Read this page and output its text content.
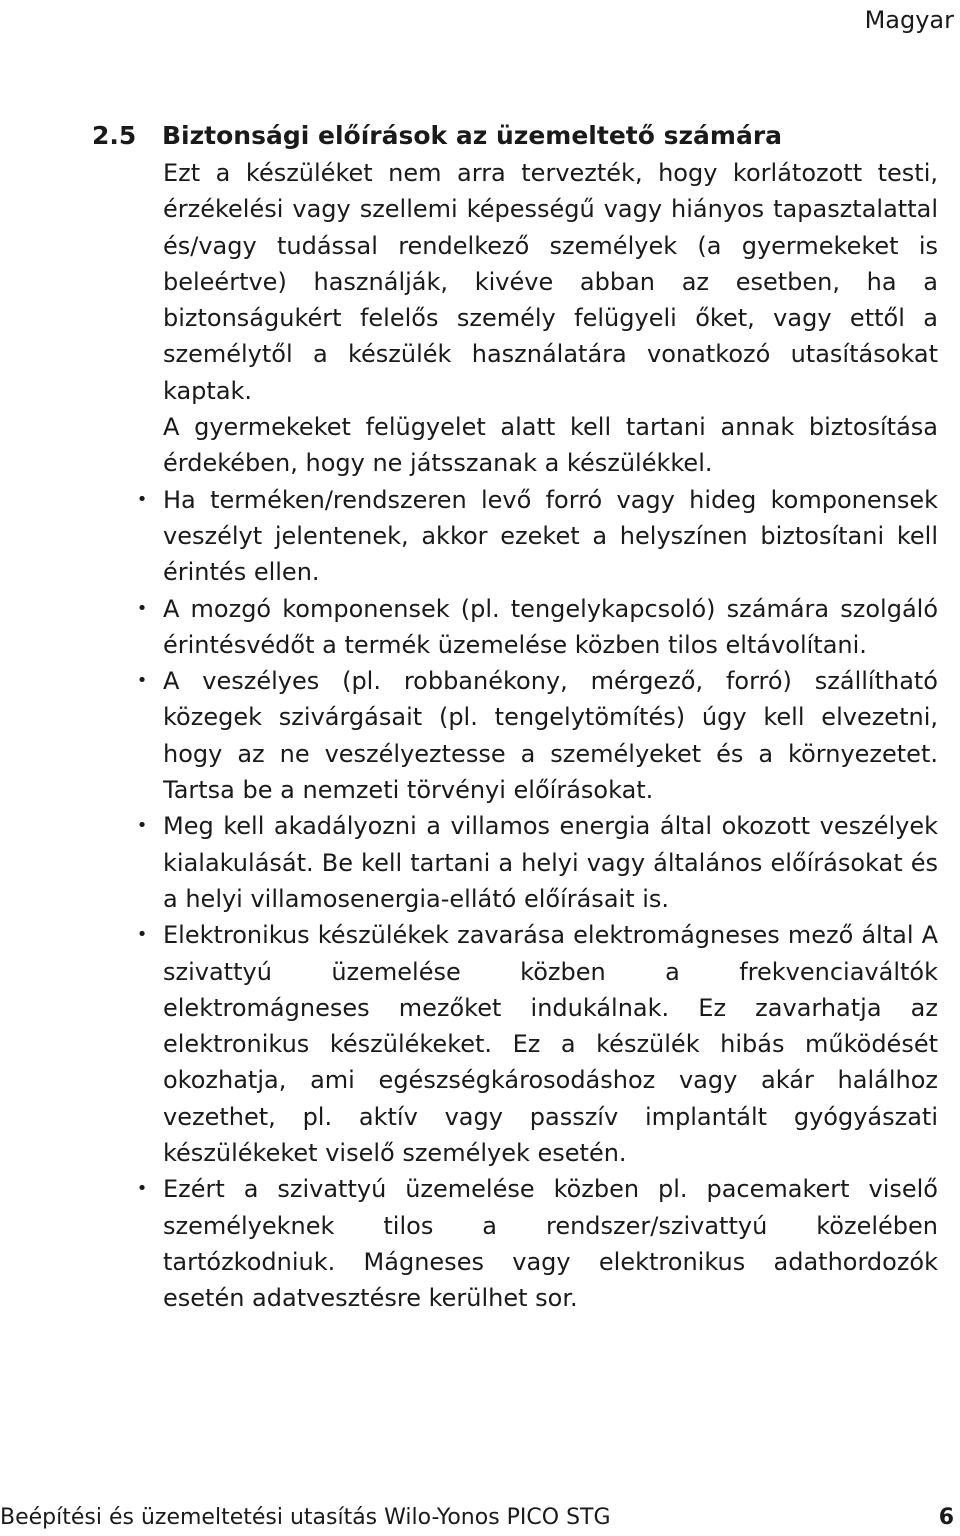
Magyar
2.5 Biztonsági előírások az üzemeltető számára

Ezt a készüléket nem arra tervezték, hogy korlátozott testi, érzékelési vagy szellemi képességű vagy hiányos tapasztalattal és/vagy tudással rendelkező személyek (a gyermekeket is beleértve) használják, kivéve abban az esetben, ha a biztonságukért felelős személy felügyeli őket, vagy ettől a személytől a készülék használatára vonatkozó utasításokat kaptak.

A gyermekeket felügyelet alatt kell tartani annak biztosítása érdekében, hogy ne játsszanak a készülékkel.

• Ha terméken/rendszeren levő forró vagy hideg komponensek veszélyt jelentenek, akkor ezeket a helyszínen biztosítani kell érintés ellen.
• A mozgó komponensek (pl. tengelykapcsoló) számára szolgáló érintésvédőt a termék üzemelése közben tilos eltávolítani.
• A veszélyes (pl. robbanékony, mérgező, forró) szállítható közegek szivárgásait (pl. tengelytömítés) úgy kell elvezetni, hogy az ne veszélyeztesse a személyeket és a környezetet. Tartsa be a nemzeti törvényi előírásokat.
• Meg kell akadályozni a villamos energia által okozott veszélyek kialakulását. Be kell tartani a helyi vagy általános előírásokat és a helyi villamosenergia-ellátó előírásait is.
• Elektronikus készülékek zavarása elektromágneses mező által A szivattyú üzemelése közben a frekvenciaváltók elektromágneses mezőket indukálnak. Ez zavarhatja az elektronikus készülékeket. Ez a készülék hibás működését okozhatja, ami egészségkárosodáshoz vagy akár halálhoz vezethet, pl. aktív vagy passzív implantált gyógyászati készülékeket viselő személyek esetén.
• Ezért a szivattyú üzemelése közben pl. pacemakert viselő személyeknek tilos a rendszer/szivattyú közelében tartózkodniuk. Mágneses vagy elektronikus adathordozók esetén adatvesztésre kerülhet sor.
Beépítési és üzemeltetési utasítás Wilo-Yonos PICO STG	6
